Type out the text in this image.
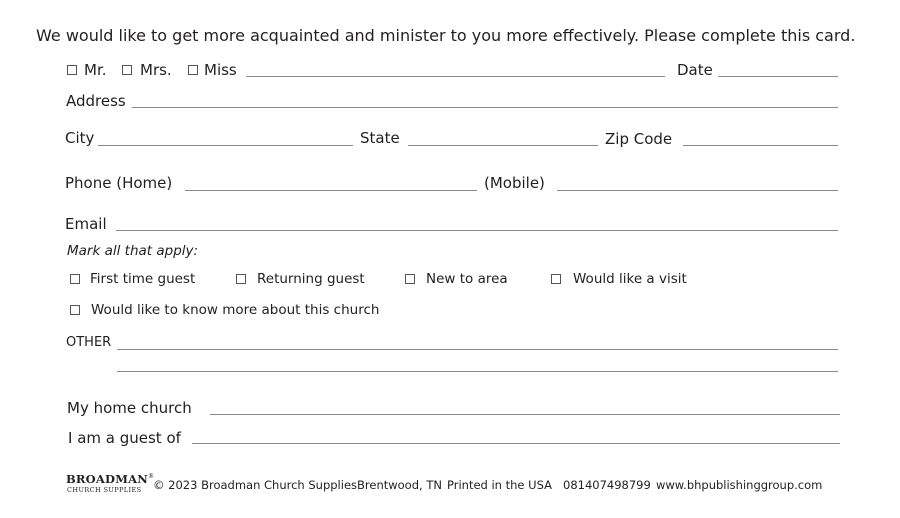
We would like to get more acquainted and minister to you more effectively. Please complete this card.
Mr. Mrs. Miss	Date
Address
City	State	Zip Code
Phone (Home)	(Mobile)
Email
Mark all that apply:
First time guest	Returning guest	New to area	Would like a visit
Would like to know more about this church
OTHER
My home church
I am a guest of
BROADMAN®
CHURCH SUPPLIES © 2023 Broadman Church Supplies Brentwood, TN Printed in the USA 081407498799 www.bhpublishinggroup.com
